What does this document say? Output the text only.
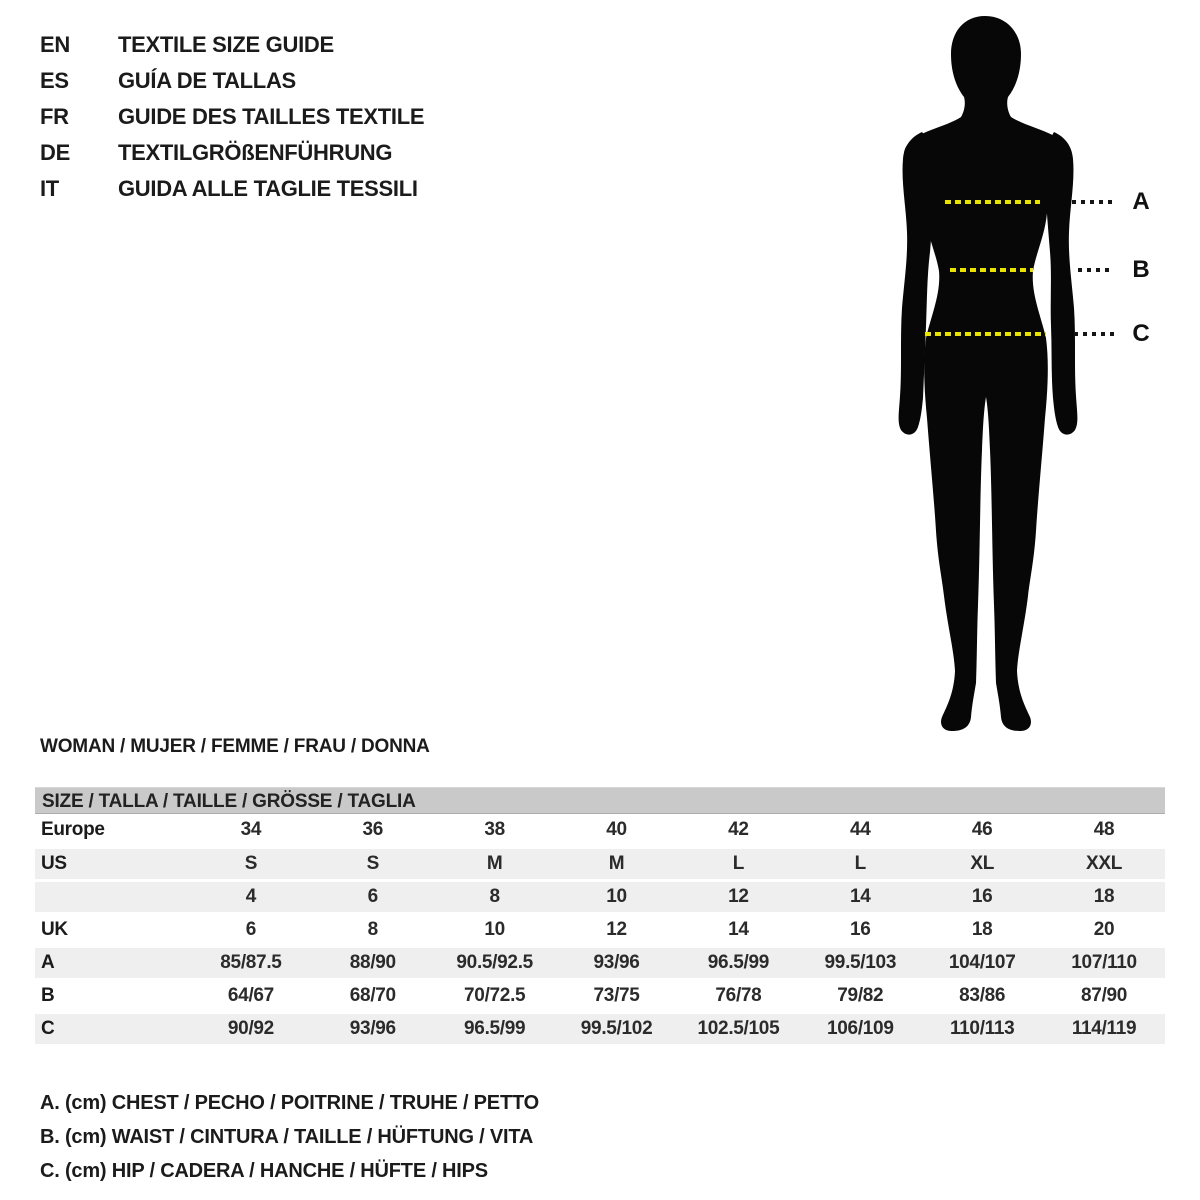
EN	TEXTILE SIZE GUIDE
ES	GUÍA DE TALLAS
FR	GUIDE DES TAILLES TEXTILE
DE	TEXTILGRÖßENFÜHRUNG
IT	GUIDA ALLE TAGLIE TESSILI	A
B
C
WOMAN / MUJER / FEMME / FRAU / DONNA
SIZE / TALLA / TAILLE / GRÖSSE / TAGLIA
Europe	34	36	38	40	42	44	46	48
US	S	S	M	M	L	L	XL	XXL
	4	6	8	10	12	14	16	18
UK	6	8	10	12	14	16	18	20
A	85/87.5	88/90	90.5/92.5	93/96	96.5/99	99.5/103	104/107	107/110
B	64/67	68/70	70/72.5	73/75	76/78	79/82	83/86	87/90
C	90/92	93/96	96.5/99	99.5/102	102.5/105	106/109	110/113	114/119
A. (cm) CHEST / PECHO / POITRINE / TRUHE / PETTO
B. (cm) WAIST / CINTURA / TAILLE / HÜFTUNG / VITA
C. (cm) HIP / CADERA / HANCHE / HÜFTE / HIPS
